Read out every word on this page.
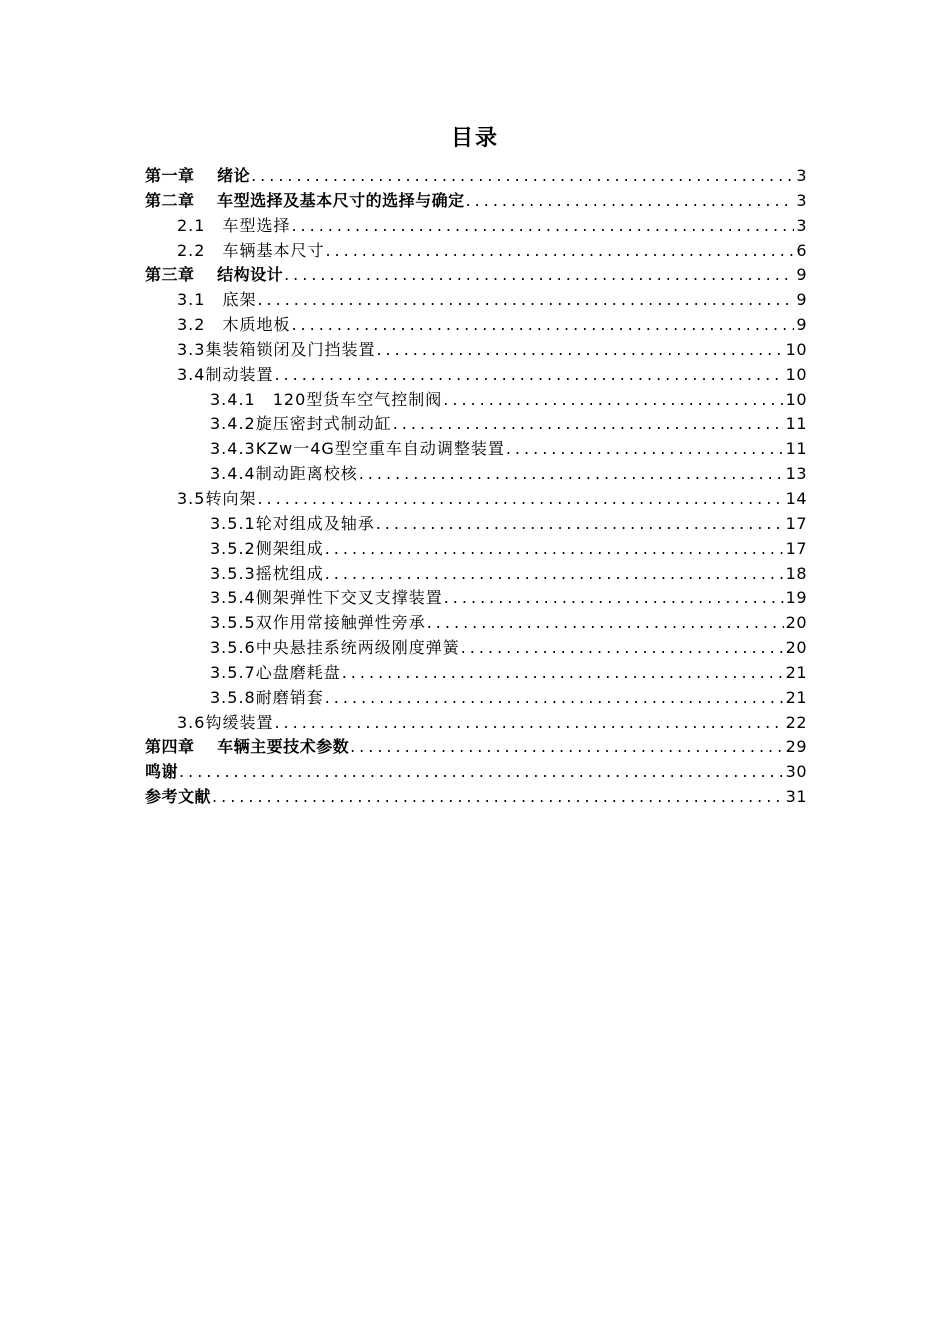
目录
第一章　 绪论 .....	3
第二章　 车型选择及基本尺寸的选择与确定 .....	3
2.1　车型选择 .....	3
2.2　车辆基本尺寸 .....	6
第三章　 结构设计 .....	9
3.1　底架 .....	9
3.2　木质地板 .....	9
3.3集装箱锁闭及门挡装置 .....	10
3.4制动装置 .....	10
3.4.1　120型货车空气控制阀 .....	10
3.4.2旋压密封式制动缸 .....	11
3.4.3KZw一4G型空重车自动调整装置 .....	11
3.4.4制动距离校核 .....	13
3.5转向架 .....	14
3.5.1轮对组成及轴承 .....	17
3.5.2侧架组成 .....	17
3.5.3摇枕组成 .....	18
3.5.4侧架弹性下交叉支撑装置 .....	19
3.5.5双作用常接触弹性旁承 .....	20
3.5.6中央悬挂系统两级刚度弹簧 .....	20
3.5.7心盘磨耗盘 .....	21
3.5.8耐磨销套 .....	21
3.6钩缓装置 .....	22
第四章　 车辆主要技术参数 .....	29
鸣谢 .....	30
参考文献 .....	31
